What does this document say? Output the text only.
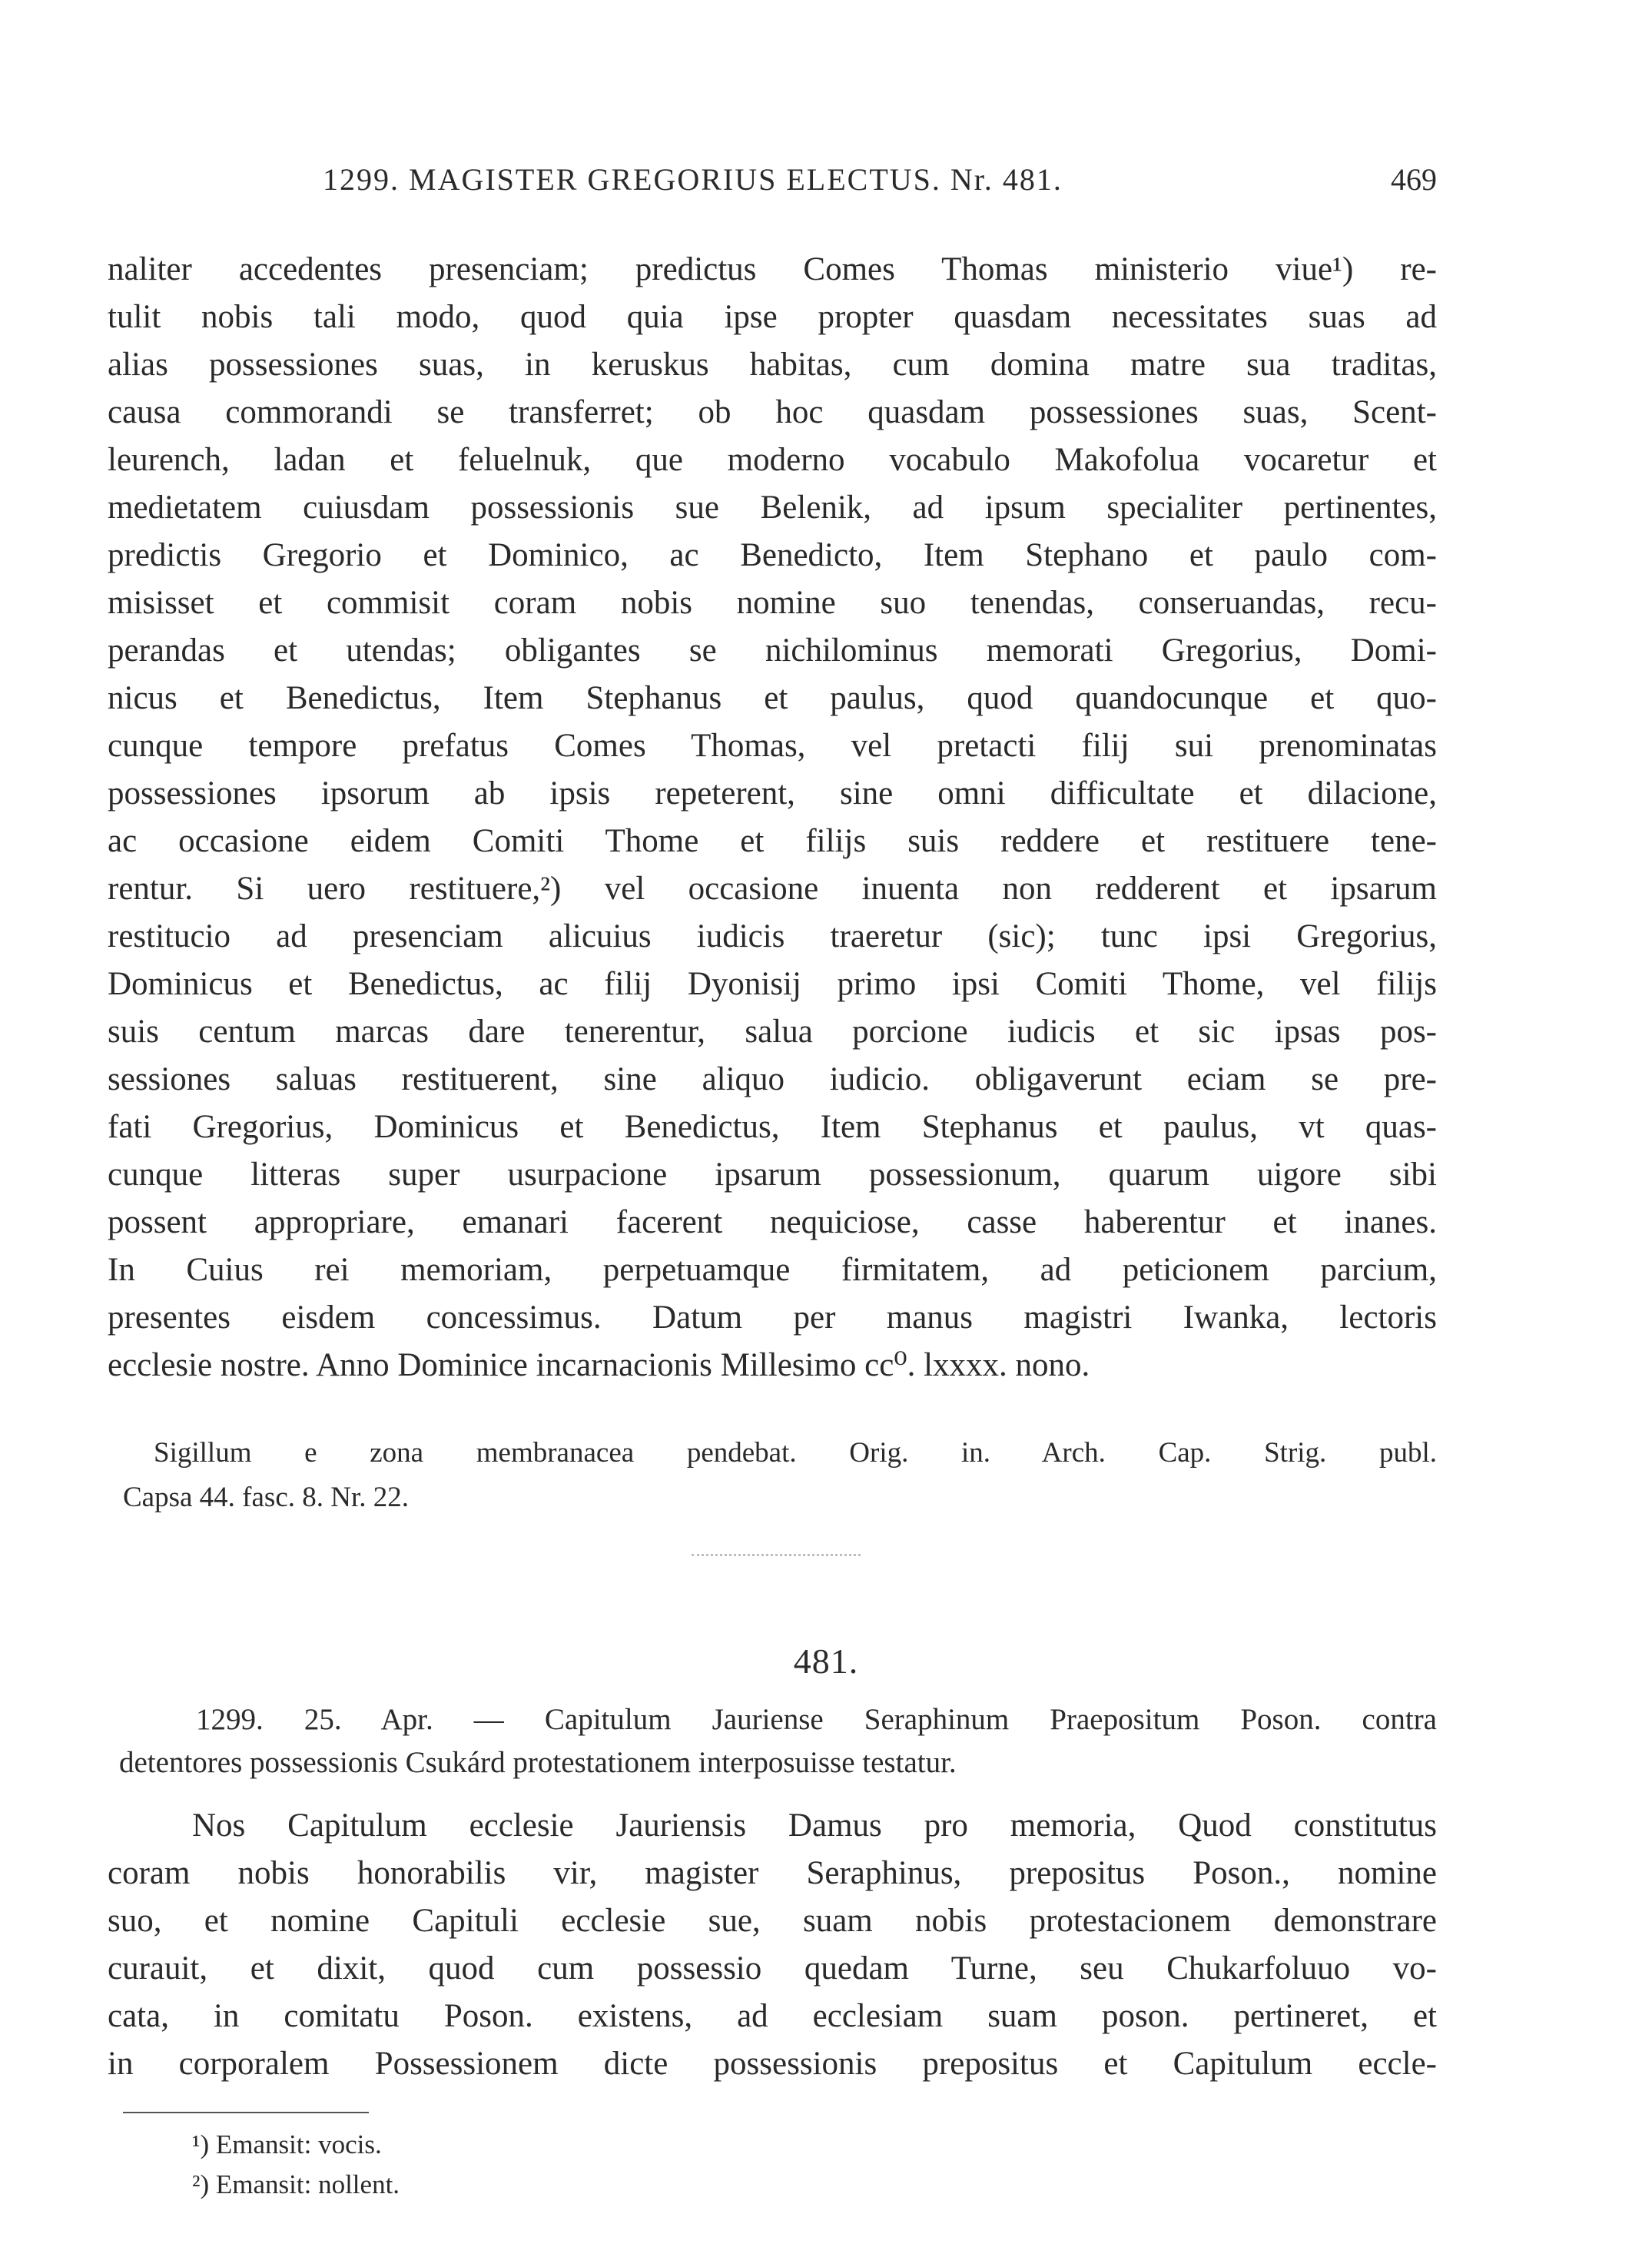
1299. MAGISTER GREGORIUS ELECTUS. Nr. 481.	469
naliter accedentes presenciam; predictus Comes Thomas ministerio viue¹) re-
tulit nobis tali modo, quod quia ipse propter quasdam necessitates suas ad
alias possessiones suas, in keruskus habitas, cum domina matre sua traditas,
causa commorandi se transferret; ob hoc quasdam possessiones suas, Scent-
leurench, ladan et feluelnuk, que moderno vocabulo Makofolua vocaretur et
medietatem cuiusdam possessionis sue Belenik, ad ipsum specialiter pertinentes,
predictis Gregorio et Dominico, ac Benedicto, Item Stephano et paulo com-
misisset et commisit coram nobis nomine suo tenendas, conseruandas, recu-
perandas et utendas; obligantes se nichilominus memorati Gregorius, Domi-
nicus et Benedictus, Item Stephanus et paulus, quod quandocunque et quo-
cunque tempore prefatus Comes Thomas, vel pretacti filij sui prenominatas
possessiones ipsorum ab ipsis repeterent, sine omni difficultate et dilacione,
ac occasione eidem Comiti Thome et filijs suis reddere et restituere tene-
rentur. Si uero restituere,²) vel occasione inuenta non redderent et ipsarum
restitucio ad presenciam alicuius iudicis traeretur (sic); tunc ipsi Gregorius,
Dominicus et Benedictus, ac filij Dyonisij primo ipsi Comiti Thome, vel filijs
suis centum marcas dare tenerentur, salua porcione iudicis et sic ipsas pos-
sessiones saluas restituerent, sine aliquo iudicio. obligaverunt eciam se pre-
fati Gregorius, Dominicus et Benedictus, Item Stephanus et paulus, vt quas-
cunque litteras super usurpacione ipsarum possessionum, quarum uigore sibi
possent appropriare, emanari facerent nequiciose, casse haberentur et inanes.
In Cuius rei memoriam, perpetuamque firmitatem, ad peticionem parcium,
presentes eisdem concessimus. Datum per manus magistri Iwanka, lectoris
ecclesie nostre. Anno Dominice incarnacionis Millesimo cc⁰. lxxxx. nono.
Sigillum e zona membranacea pendebat. Orig. in. Arch. Cap. Strig. publ.
Capsa 44. fasc. 8. Nr. 22.
481.
1299. 25. Apr. — Capitulum Jauriense Seraphinum Praepositum Poson. contra
detentores possessionis Csukárd protestationem interposuisse testatur.
Nos Capitulum ecclesie Jauriensis Damus pro memoria, Quod constitutus
coram nobis honorabilis vir, magister Seraphinus, prepositus Poson., nomine
suo, et nomine Capituli ecclesie sue, suam nobis protestacionem demonstrare
curauit, et dixit, quod cum possessio quedam Turne, seu Chukarfoluuo vo-
cata, in comitatu Poson. existens, ad ecclesiam suam poson. pertineret, et
in corporalem Possessionem dicte possessionis prepositus et Capitulum eccle-
¹) Emansit: vocis.
²) Emansit: nollent.
